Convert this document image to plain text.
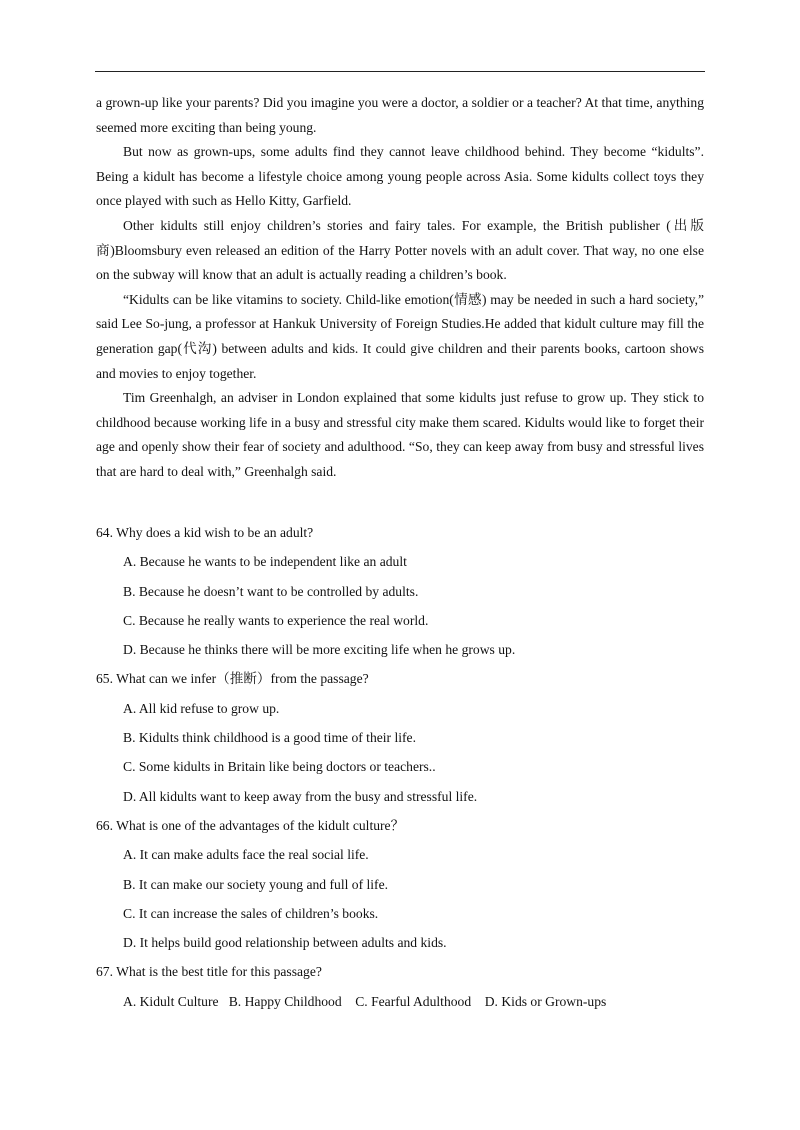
a grown-up like your parents? Did you imagine you were a doctor, a soldier or a teacher? At that time, anything seemed more exciting than being young.

But now as grown-ups, some adults find they cannot leave childhood behind. They become “kidults”. Being a kidult has become a lifestyle choice among young people across Asia. Some kidults collect toys they once played with such as Hello Kitty, Garfield.

Other kidults still enjoy children’s stories and fairy tales. For example, the British publisher (出版商)Bloomsbury even released an edition of the Harry Potter novels with an adult cover. That way, no one else on the subway will know that an adult is actually reading a children’s book.

“Kidults can be like vitamins to society. Child-like emotion(情感) may be needed in such a hard society,” said Lee So-jung, a professor at Hankuk University of Foreign Studies.He added that kidult culture may fill the generation gap(代沟) between adults and kids. It could give children and their parents books, cartoon shows and movies to enjoy together.

Tim Greenhalgh, an adviser in London explained that some kidults just refuse to grow up. They stick to childhood because working life in a busy and stressful city make them scared. Kidults would like to forget their age and openly show their fear of society and adulthood. “So, they can keep away from busy and stressful lives that are hard to deal with,” Greenhalgh said.

64. Why does a kid wish to be an adult?

A. Because he wants to be independent like an adult

B. Because he doesn’t want to be controlled by adults.

C. Because he really wants to experience the real world.

D. Because he thinks there will be more exciting life when he grows up.

65. What can we infer（推断）from the passage?

A. All kid refuse to grow up.

B. Kidults think childhood is a good time of their life.

C. Some kidults in Britain like being doctors or teachers..

D. All kidults want to keep away from the busy and stressful life.

66. What is one of the advantages of the kidult culture？

A. It can make adults face the real social life.

B. It can make our society young and full of life.

C. It can increase the sales of children’s books.

D. It helps build good relationship between adults and kids.

67. What is the best title for this passage?

A. Kidult Culture   B. Happy Childhood    C. Fearful Adulthood    D. Kids or Grown-ups
